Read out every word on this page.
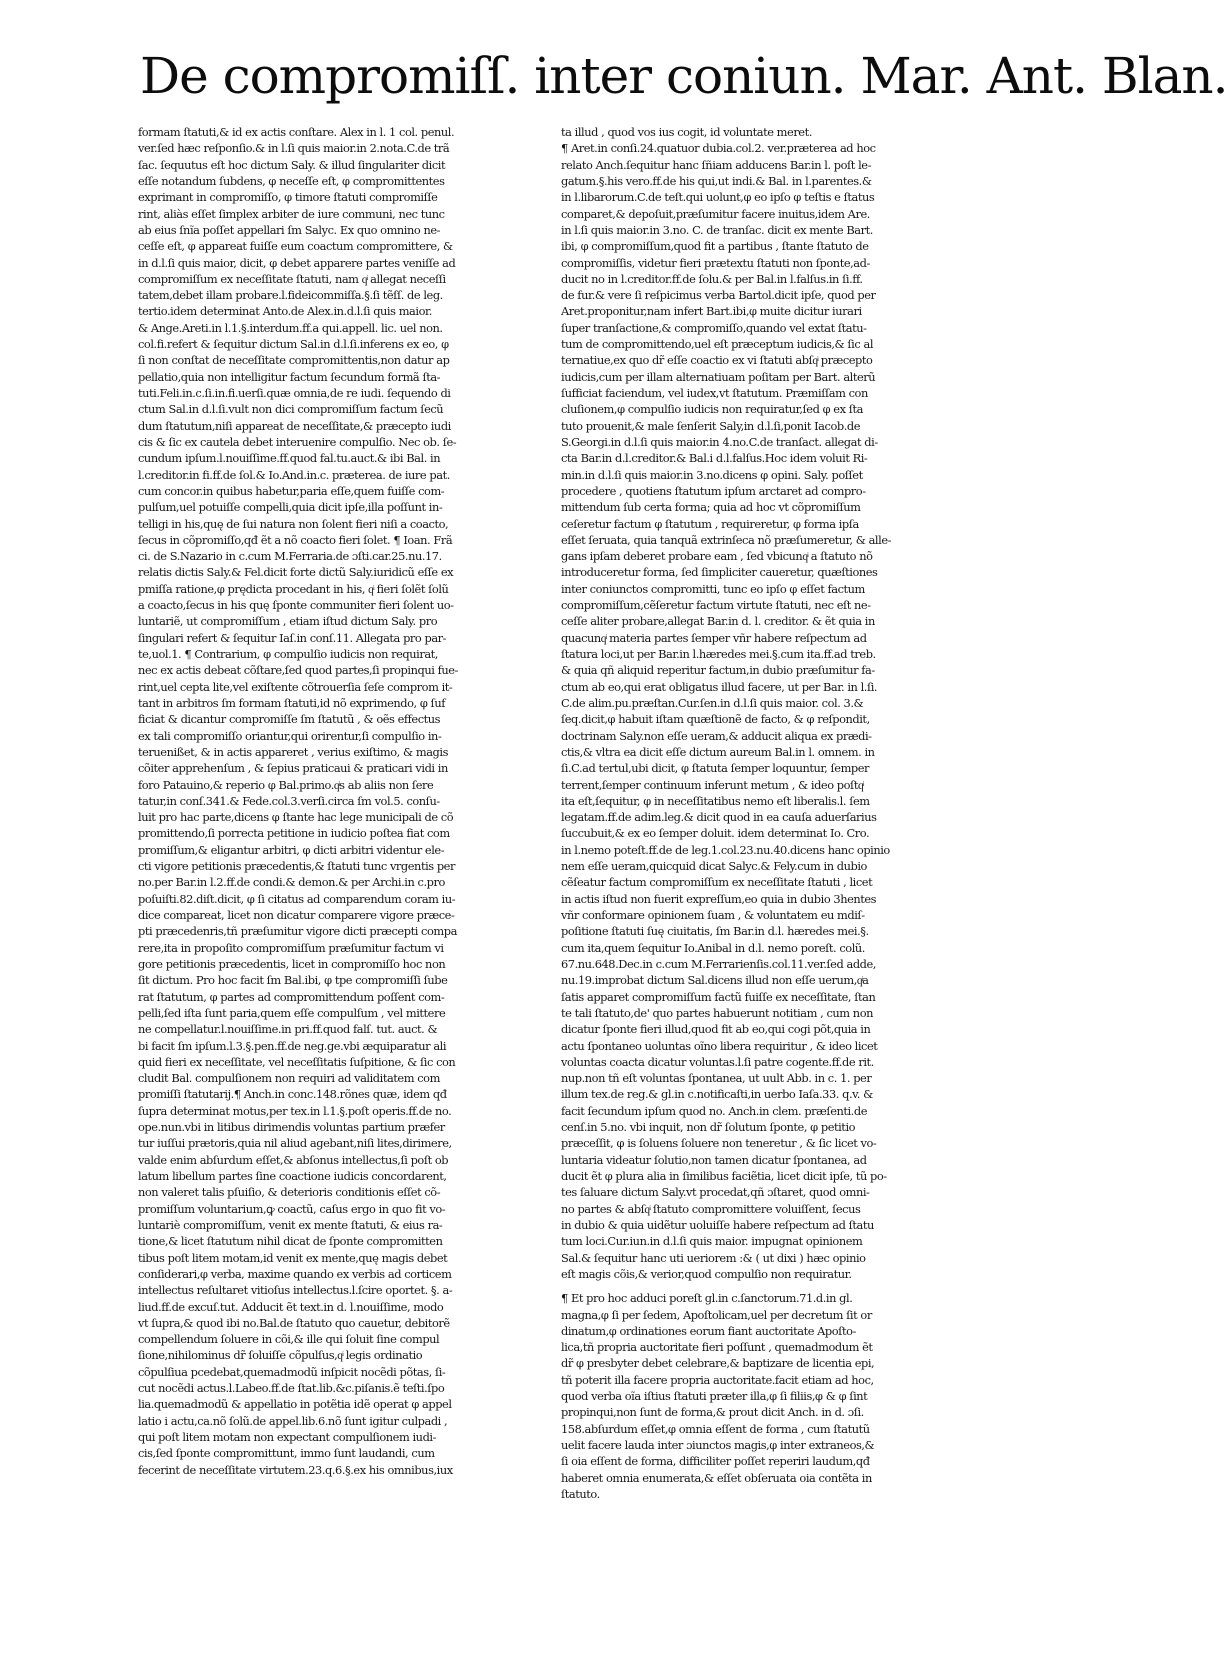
De compromiſſ. inter coniun. Mar. Ant. Blan.
formam ſtatuti,& id ex actis conſtare. Alex in l. 1 col. penul.
ver.ſed hæc reſponſio.& in l.ſi quis maior.in 2.nota.C.de trã
ſac. ſequutus eſt hoc dictum Saly. & illud ſingulariter dicit
eſſe notandum ſubdens, φ neceſſe eſt, φ compromittentes
exprimant in compromiſſo, φ timore ſtatuti compromiſſe
rint, aliàs eſſet ſimplex arbiter de iure communi, nec tunc
ab eius ſnĩa poſſet appellari ſm Salyc. Ex quo omnino ne-
ceſſe eſt, φ appareat fuiſſe eum coactum compromittere, &
in d.l.ſi quis maior, dicit, φ debet apparere partes veniſſe ad
compromiſſum ex neceſſitate ſtatuti, nam qͥ allegat neceſſi
tatem,debet illam probare.l.fideicommiſſa.§.ſi tẽſſ. de leg.
tertio.idem determinat Anto.de Alex.in.d.l.ſi quis maior.
& Ange.Areti.in l.1.§.interdum.ff.a qui.appell. lic. uel non.
col.fi.refert & ſequitur dictum Sal.in d.l.ſi.inferens ex eo, φ
ſi non conſtat de neceſſitate compromittentis,non datur ap
pellatio,quia non intelligitur factum ſecundum formã ſta-
tuti.Feli.in.c.ſi.in.fi.uerſi.quæ omnia,de re iudi. ſequendo di
ctum Sal.in d.l.ſi.vult non dici compromiſſum factum ſecũ
dum ſtatutum,niſi appareat de neceſſitate,& præcepto iudi
cis & ſic ex cautela debet interuenire compulſio. Nec ob. ſe-
cundum ipſum.l.nouiſſime.ff.quod fal.tu.auct.& ibi Bal. in
l.creditor.in fi.ff.de ſol.& Io.And.in.c. præterea. de iure pat.
cum concor.in quibus habetur,paria eſſe,quem fuiſſe com-
pulſum,uel potuiſſe compelli,quia dicit ipſe,illa poſſunt in-
telligi in his,quę de ſui natura non ſolent fieri niſi a coacto,
ſecus in cõpromiſſo,qđ ẽt a nõ coacto fieri ſolet. ¶ Ioan. Frã
ci. de S.Nazario in c.cum M.Ferraria.de ɔſti.car.25.nu.17.
relatis dictis Saly.& Fel.dicit forte dictũ Saly.iuridicũ eſſe ex
pmiſſa ratione,φ prędicta procedant in his, qͥ fieri ſolẽt ſolũ
a coacto,ſecus in his quę ſponte communiter fieri ſolent uo-
luntariẽ, ut compromiſſum , etiam iſtud dictum Saly. pro
ſingulari refert & ſequitur Iaſ.in conſ.11. Allegata pro par-
te,uol.1. ¶ Contrarium, φ compulſio iudicis non requirat,
nec ex actis debeat cõſtare,ſed quod partes,ſi propinqui fue-
rint,uel cepta lite,vel exiſtente cõtrouerſia ſeſe comprom it-
tant in arbitros ſm formam ſtatuti,id nõ exprimendo, φ ſuf
ficiat & dicantur compromiſſe ſm ſtatutũ , & oẽs effectus
ex tali compromiſſo oriantur,qui orirentur,ſi compulſio in-
teruenißet, & in actis appareret , verius exiſtimo, & magis
cõiter apprehenſum , & ſepius praticaui & praticari vidi in
foro Patauino,& reperio φ Bal.primo.qͥs ab aliis non ſere
tatur,in conſ.341.& Fede.col.3.verſi.circa ſm vol.5. conſu-
luit pro hac parte,dicens φ ſtante hac lege municipali de cõ
promittendo,ſi porrecta petitione in iudicio poſtea fiat com
promiſſum,& eligantur arbitri, φ dicti arbitri videntur ele-
cti vigore petitionis præcedentis,& ſtatuti tunc vrgentis per
no.per Bar.in l.2.ff.de condi.& demon.& per Archi.in c.pro
poſuiſti.82.diſt.dicit, φ ſi citatus ad comparendum coram iu-
dice compareat, licet non dicatur comparere vigore præce-
pti præcedenris,tñ præſumitur vigore dicti præcepti compa
rere,ita in propoſito compromiſſum præſumitur factum vi
gore petitionis præcedentis, licet in compromiſſo hoc non
ſit dictum. Pro hoc facit ſm Bal.ibi, φ tpe compromiſſi ſube
rat ſtatutum, φ partes ad compromittendum poſſent com-
pelli,ſed iſta ſunt paria,quem eſſe compulſum , vel mittere
ne compellatur.l.nouiſſime.in pri.ff.quod falſ. tut. auct. &
bi facit ſm ipſum.l.3.§.pen.ff.de neg.ge.vbi æquiparatur ali
quid fieri ex neceſſitate, vel neceſſitatis ſuſpitione, & ſic con
cludit Bal. compulſionem non requiri ad validitatem com
promiſſi ſtatutarij.¶ Anch.in conc.148.rõnes quæ, idem qđ
ſupra determinat motus,per tex.in l.1.§.poſt operis.ff.de no.
ope.nun.vbi in litibus dirimendis voluntas partium præfer
tur iuſſui prætoris,quia nil aliud agebant,niſi lites,dirimere,
valde enim abſurdum eſſet,& abſonus intellectus,ſi poſt ob
latum libellum partes ſine coactione iudicis concordarent,
non valeret talis pſuiſio, & deterioris conditionis eſſet cõ-
promiſſum voluntarium,ꝙ coactũ, caſus ergo in quo fit vo-
luntariè compromiſſum, venit ex mente ſtatuti, & eius ra-
tione,& licet ſtatutum nihil dicat de ſponte compromitten
tibus poſt litem motam,id venit ex mente,quę magis debet
conſiderari,φ verba, maxime quando ex verbis ad corticem
intellectus reſultaret vitioſus intellectus.l.ſcire oportet. §. a-
liud.ff.de excuſ.tut. Adducit ẽt text.in d. l.nouiſſime, modo
vt ſupra,& quod ibi no.Bal.de ſtatuto quo cauetur, debitorẽ
compellendum ſoluere in cõi,& ille qui ſoluit ſine compul
ſione,nihilominus dr̃ ſoluiſſe cõpulſus,qͥ legis ordinatio
cõpulſiua pcedebat,quemadmodũ inſpicit nocẽdi põtas, ſi-
cut nocẽdi actus.l.Labeo.ff.de ſtat.lib.&c.piſanis.ẽ teſti.ſpo
lia.quemadmodũ & appellatio in potẽtia idẽ operat φ appel
latio i actu,ca.nõ ſolũ.de appel.lib.6.nõ ſunt igitur culpadi ,
qui poſt litem motam non expectant compulſionem iudi-
cis,ſed ſponte compromittunt, immo ſunt laudandi, cum
fecerint de neceſſitate virtutem.23.q.6.§.ex his omnibus,iux
ta illud , quod vos ius cogit, id voluntate meret.
¶ Aret.in conſi.24.quatuor dubia.col.2. ver.præterea ad hoc
relato Anch.ſequitur hanc ſñiam adducens Bar.in l. poſt le-
gatum.§.his vero.ff.de his qui,ut indi.& Bal. in l.parentes.&
in l.libarorum.C.de teſt.qui uolunt,φ eo ipſo φ teſtis e ſtatus
comparet,& depoſuit,præſumitur facere inuitus,idem Are.
in l.ſi quis maior.in 3.no. C. de tranſac. dicit ex mente Bart.
ibi, φ compromiſſum,quod fit a partibus , ſtante ſtatuto de
compromiſſis, videtur fieri prætextu ſtatuti non ſponte,ad-
ducit no in l.creditor.ff.de ſolu.& per Bal.in l.falſus.in ſi.ff.
de fur.& vere ſi reſpicimus verba Bartol.dicit ipſe, quod per
Aret.proponitur,nam infert Bart.ibi,φ muite dicitur iurari
ſuper tranſactione,& compromiſſo,quando vel extat ſtatu-
tum de compromittendo,uel eſt præceptum iudicis,& ſic al
ternatiue,ex quo dr̃ eſſe coactio ex vi ſtatuti abſqͥ præcepto
iudicis,cum per illam alternatiuam poſitam per Bart. alterũ
ſufficiat faciendum, vel iudex,vt ſtatutum. Præmiſſam con
cluſionem,φ compulſio iudicis non requiratur,ſed φ ex ſta
tuto prouenit,& male ſenſerit Saly,in d.l.ſi,ponit Iacob.de
S.Georgi.in d.l.ſi quis maior.in 4.no.C.de tranſact. allegat di-
cta Bar.in d.l.creditor.& Bal.i d.l.falſus.Hoc idem voluit Ri-
min.in d.l.ſi quis maior.in 3.no.dicens φ opini. Saly. poſſet
procedere , quotiens ſtatutum ipſum arctaret ad compro-
mittendum ſub certa forma; quia ad hoc vt cõpromiſſum
ceſeretur factum φ ſtatutum , requireretur, φ forma ipſa
eſſet ſeruata, quia tanquã extrinſeca nõ præſumeretur, & alle-
gans ipſam deberet probare eam , ſed vbicunqͥ a ſtatuto nõ
introduceretur forma, ſed ſimpliciter caueretur, quæſtiones
inter coniunctos compromitti, tunc eo ipſo φ eſſet factum
compromiſſum,cẽſeretur factum virtute ſtatuti, nec eſt ne-
ceſſe aliter probare,allegat Bar.in d. l. creditor. & ẽt quia in
quacunqͥ materia partes ſemper vñr habere reſpectum ad
ſtatura loci,ut per Bar.in l.hæredes mei.§.cum ita.ff.ad treb.
& quia qñ aliquid reperitur factum,in dubio præſumitur fa-
ctum ab eo,qui erat obligatus illud facere, ut per Bar. in l.ſi.
C.de alim.pu.præſtan.Cur.ſen.in d.l.ſi quis maior. col. 3.&
ſeq.dicit,φ habuit iſtam quæſtionẽ de facto, & φ reſpondit,
doctrinam Saly.non eſſe ueram,& adducit aliqua ex prædi-
ctis,& vltra ea dicit eſſe dictum aureum Bal.in l. omnem. in
ſi.C.ad tertul,ubi dicit, φ ſtatuta ſemper loquuntur, ſemper
terrent,ſemper continuum inferunt metum , & ideo poſtqͥ
ita eſt,ſequitur, φ in neceſſitatibus nemo eſt liberalis.l. ſem
legatam.ff.de adim.leg.& dicit quod in ea cauſa aduerſarius
ſuccubuit,& ex eo ſemper doluit. idem determinat Io. Cro.
in l.nemo poteſt.ff.de de leg.1.col.23.nu.40.dicens hanc opinio
nem eſſe ueram,quicquid dicat Salyc.& Fely.cum in dubio
cẽſeatur factum compromiſſum ex neceſſitate ſtatuti , licet
in actis iſtud non fuerit expreſſum,eo quia in dubio 3hentes
vñr conformare opinionem ſuam , & voluntatem eu mdiſ-
poſitione ſtatuti ſuę ciuitatis, ſm Bar.in d.l. hæredes mei.§.
cum ita,quem ſequitur Io.Anibal in d.l. nemo poreſt. colũ.
67.nu.648.Dec.in c.cum M.Ferrarienſis.col.11.ver.ſed adde,
nu.19.improbat dictum Sal.dicens illud non eſſe uerum,qͥa
ſatis apparet compromiſſum factũ fuiſſe ex neceſſitate, ſtan
te tali ſtatuto,de' quo partes habuerunt notitiam , cum non
dicatur ſponte fieri illud,quod fit ab eo,qui cogi põt,quia in
actu ſpontaneo uoluntas oĩno libera requiritur , & ideo licet
voluntas coacta dicatur voluntas.l.ſi patre cogente.ff.de rit.
nup.non tñ eſt voluntas ſpontanea, ut uult Abb. in c. 1. per
illum tex.de reg.& gl.in c.notificaſti,in uerbo Iaſa.33. q.v. &
facit ſecundum ipſum quod no. Anch.in clem. præſenti.de
cenſ.in 5.no. vbi inquit, non dr̃ ſolutum ſponte, φ petitio
præceſſit, φ is ſoluens ſoluere non teneretur , & ſic licet vo-
luntaria videatur ſolutio,non tamen dicatur ſpontanea, ad
ducit ẽt φ plura alia in ſimilibus faciẽtia, licet dicit ipſe, tũ po-
tes ſaluare dictum Saly.vt procedat,qñ ɔſtaret, quod omni-
no partes & abſqͥ ſtatuto compromittere voluiſſent, ſecus
in dubio & quia uidẽtur uoluiſſe habere reſpectum ad ſtatu
tum loci.Cur.iun.in d.l.ſi quis maior. impugnat opinionem
Sal.& ſequitur hanc uti ueriorem :& ( ut dixi ) hæc opinio
eſt magis cõis,& verior,quod compulſio non requiratur.
¶ Et pro hoc adduci poreſt gl.in c.ſanctorum.71.d.in gl.
magna,φ ſi per ſedem, Apoſtolicam,uel per decretum ſit or
dinatum,φ ordinationes eorum fiant auctoritate Apoſto-
lica,tñ propria auctoritate fieri poſſunt , quemadmodum ẽt
dr̃ φ presbyter debet celebrare,& baptizare de licentia epi,
tñ poterit illa facere propria auctoritate.facit etiam ad hoc,
quod verba oĩa iſtius ſtatuti præter illa,φ ſi filiis,φ & φ ſint
propinqui,non ſunt de forma,& prout dicit Anch. in d. ɔſi.
158.abſurdum eſſet,φ omnia eſſent de forma , cum ſtatutũ
uelit facere lauda inter ɔiunctos magis,φ inter extraneos,&
ſi oia eſſent de forma, difficiliter poſſet reperiri laudum,qđ
haberet omnia enumerata,& eſſet obſeruata oia contẽta in
ſtatuto.
